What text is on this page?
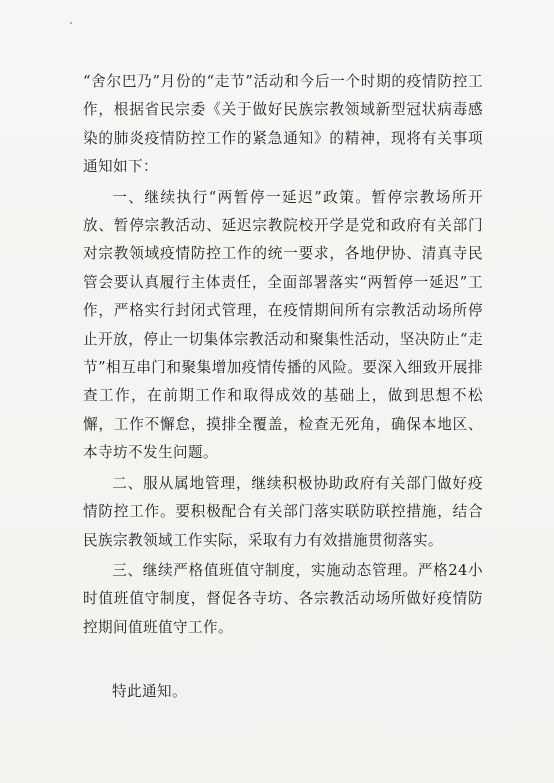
“舍尔巴乃”月份的“走节”活动和今后一个时期的疫情防控工作，根据省民宗委《关于做好民族宗教领域新型冠状病毒感染的肺炎疫情防控工作的紧急通知》的精神，现将有关事项通知如下：

一、继续执行“两暂停一延迟”政策。暂停宗教场所开放、暂停宗教活动、延迟宗教院校开学是党和政府有关部门对宗教领域疫情防控工作的统一要求，各地伊协、清真寺民管会要认真履行主体责任，全面部署落实“两暂停一延迟”工作，严格实行封闭式管理，在疫情期间所有宗教活动场所停止开放，停止一切集体宗教活动和聚集性活动，坚决防止“走节”相互串门和聚集增加疫情传播的风险。要深入细致开展排查工作，在前期工作和取得成效的基础上，做到思想不松懈，工作不懈怠，摸排全覆盖，检查无死角，确保本地区、本寺坊不发生问题。

二、服从属地管理，继续积极协助政府有关部门做好疫情防控工作。要积极配合有关部门落实联防联控措施，结合民族宗教领域工作实际，采取有力有效措施贯彻落实。

三、继续严格值班值守制度，实施动态管理。严格24小时值班值守制度，督促各寺坊、各宗教活动场所做好疫情防控期间值班值守工作。

特此通知。
